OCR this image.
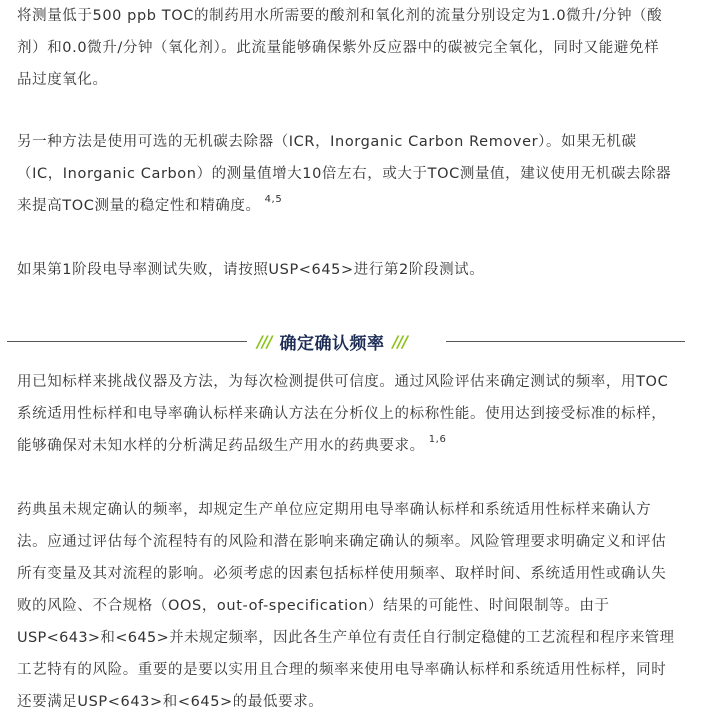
将测量低于500 ppb TOC的制药用水所需要的酸剂和氧化剂的流量分别设定为1.0微升/分钟（酸
剂）和0.0微升/分钟（氧化剂）。此流量能够确保紫外反应器中的碳被完全氧化，同时又能避免样
品过度氧化。

另一种方法是使用可选的无机碳去除器（ICR，Inorganic Carbon Remover）。如果无机碳
（IC，Inorganic Carbon）的测量值增大10倍左右，或大于TOC测量值，建议使用无机碳去除器
来提高TOC测量的稳定性和精确度。 $^{4,5}$

如果第1阶段电导率测试失败，请按照USP<645>进行第2阶段测试。

/// 确定确认频率 ///

用已知标样来挑战仪器及方法，为每次检测提供可信度。通过风险评估来确定测试的频率，用TOC
系统适用性标样和电导率确认标样来确认方法在分析仪上的标称性能。使用达到接受标准的标样，
能够确保对未知水样的分析满足药品级生产用水的药典要求。 $^{1,6}$

药典虽未规定确认的频率，却规定生产单位应定期用电导率确认标样和系统适用性标样来确认方
法。应通过评估每个流程特有的风险和潜在影响来确定确认的频率。风险管理要求明确定义和评估
所有变量及其对流程的影响。必须考虑的因素包括标样使用频率、取样时间、系统适用性或确认失
败的风险、不合规格（OOS，out-of-specification）结果的可能性、时间限制等。由于
USP<643>和<645>并未规定频率，因此各生产单位有责任自行制定稳健的工艺流程和程序来管理
工艺特有的风险。重要的是要以实用且合理的频率来使用电导率确认标样和系统适用性标样，同时
还要满足USP<643>和<645>的最低要求。
